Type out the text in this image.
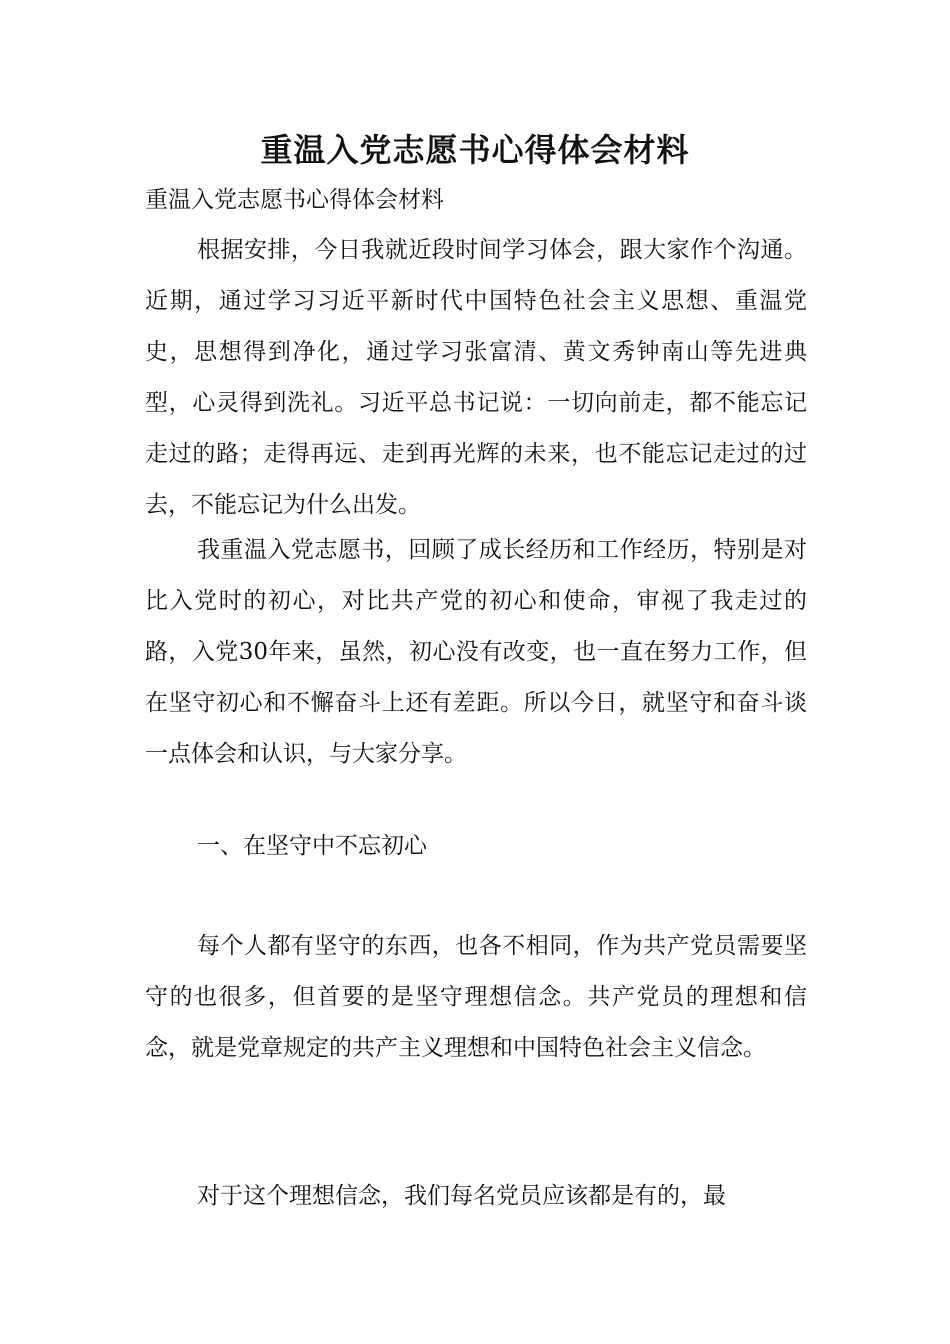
重温入党志愿书心得体会材料

重温入党志愿书心得体会材料

根据安排，今日我就近段时间学习体会，跟大家作个沟通。近期，通过学习习近平新时代中国特色社会主义思想、重温党史，思想得到净化，通过学习张富清、黄文秀钟南山等先进典型，心灵得到洗礼。习近平总书记说：一切向前走，都不能忘记走过的路；走得再远、走到再光辉的未来，也不能忘记走过的过去，不能忘记为什么出发。

我重温入党志愿书，回顾了成长经历和工作经历，特别是对比入党时的初心，对比共产党的初心和使命，审视了我走过的路，入党30年来，虽然，初心没有改变，也一直在努力工作，但在坚守初心和不懈奋斗上还有差距。所以今日，就坚守和奋斗谈一点体会和认识，与大家分享。

一、在坚守中不忘初心

每个人都有坚守的东西，也各不相同，作为共产党员需要坚守的也很多，但首要的是坚守理想信念。共产党员的理想和信念，就是党章规定的共产主义理想和中国特色社会主义信念。

对于这个理想信念，我们每名党员应该都是有的，最
